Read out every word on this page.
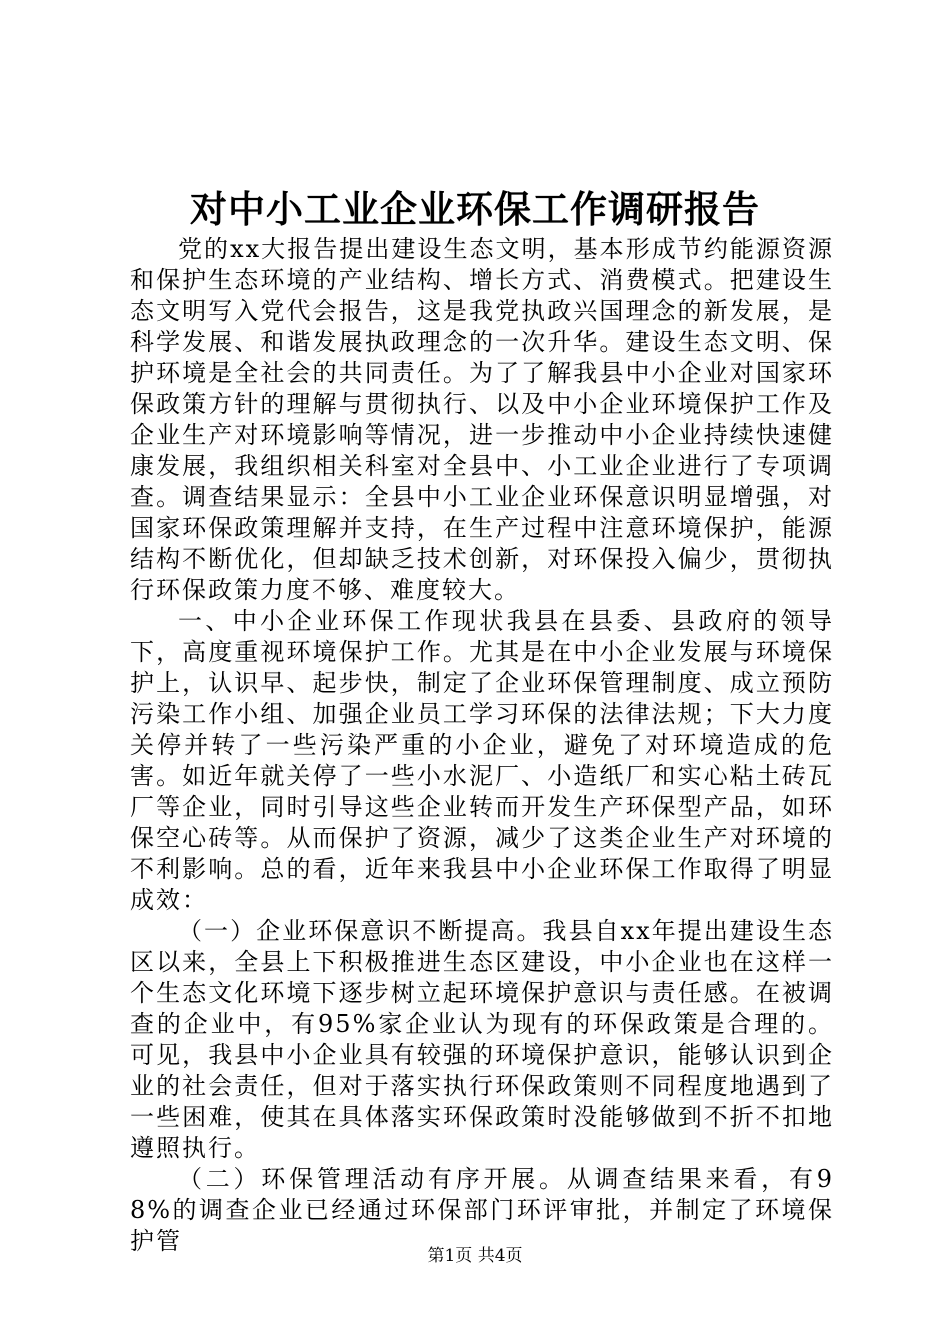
对中小工业企业环保工作调研报告

党的xx大报告提出建设生态文明，基本形成节约能源资源和保护生态环境的产业结构、增长方式、消费模式。把建设生态文明写入党代会报告，这是我党执政兴国理念的新发展，是科学发展、和谐发展执政理念的一次升华。建设生态文明、保护环境是全社会的共同责任。为了了解我县中小企业对国家环保政策方针的理解与贯彻执行、以及中小企业环境保护工作及企业生产对环境影响等情况，进一步推动中小企业持续快速健康发展，我组织相关科室对全县中、小工业企业进行了专项调查。调查结果显示：全县中小工业企业环保意识明显增强，对国家环保政策理解并支持，在生产过程中注意环境保护，能源结构不断优化，但却缺乏技术创新，对环保投入偏少，贯彻执行环保政策力度不够、难度较大。

一、中小企业环保工作现状我县在县委、县政府的领导下，高度重视环境保护工作。尤其是在中小企业发展与环境保护上，认识早、起步快，制定了企业环保管理制度、成立预防污染工作小组、加强企业员工学习环保的法律法规；下大力度关停并转了一些污染严重的小企业，避免了对环境造成的危害。如近年就关停了一些小水泥厂、小造纸厂和实心粘土砖瓦厂等企业，同时引导这些企业转而开发生产环保型产品，如环保空心砖等。从而保护了资源，减少了这类企业生产对环境的不利影响。总的看，近年来我县中小企业环保工作取得了明显成效：

（一）企业环保意识不断提高。我县自xx年提出建设生态区以来，全县上下积极推进生态区建设，中小企业也在这样一个生态文化环境下逐步树立起环境保护意识与责任感。在被调查的企业中，有95%家企业认为现有的环保政策是合理的。可见，我县中小企业具有较强的环境保护意识，能够认识到企业的社会责任，但对于落实执行环保政策则不同程度地遇到了一些困难，使其在具体落实环保政策时没能够做到不折不扣地遵照执行。

（二）环保管理活动有序开展。从调查结果来看，有98%的调查企业已经通过环保部门环评审批，并制定了环境保护管

第1页 共4页
